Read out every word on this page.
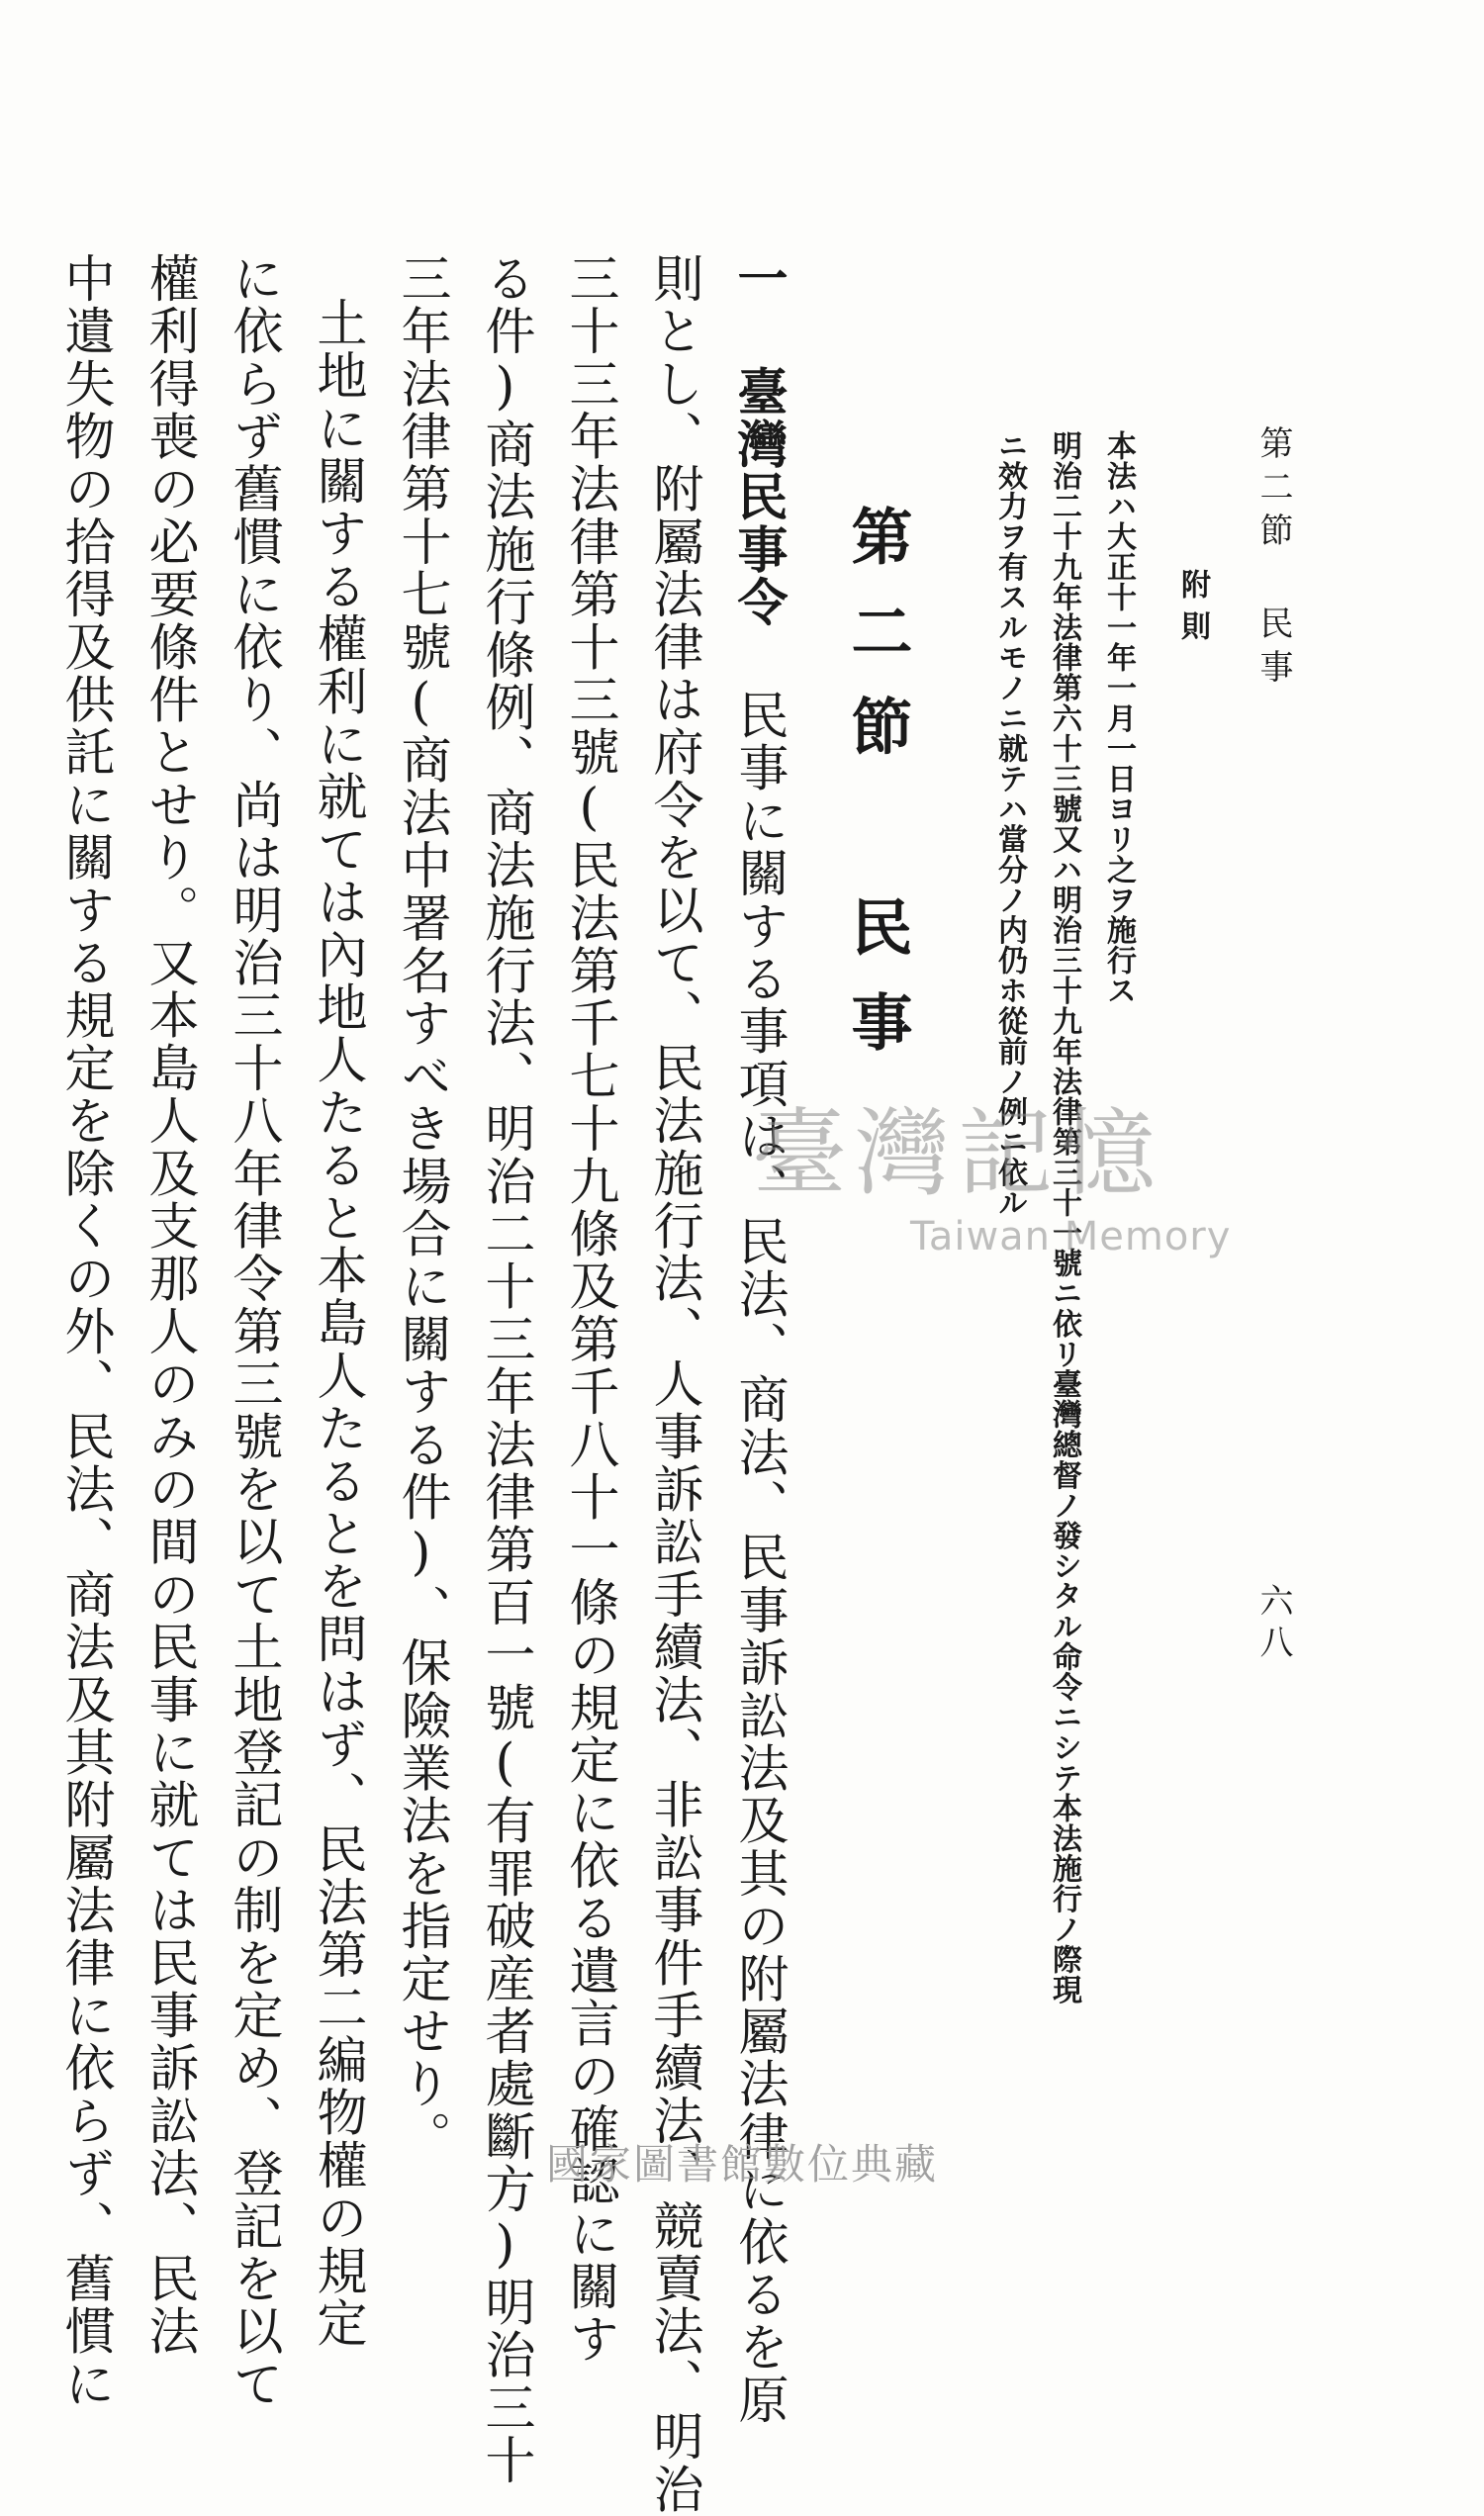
第二節 民事
六八
附則
本法ハ大正十一年一月一日ヨリ之ヲ施行ス
明治二十九年法律第六十三號又ハ明治三十九年法律第三十一號ニ依リ臺灣總督ノ發シタル命令ニシテ本法施行ノ際現
ニ效力ヲ有スルモノニ就テハ當分ノ内仍ホ從前ノ例ニ依ル
第二節 民事
一 臺灣民事令 民事に關する事項は、民法、商法、民事訴訟法及其の附屬法律に依るを原
則とし、附屬法律は府令を以て、民法施行法、人事訴訟手續法、非訟事件手續法、競賣法、明治
三十三年法律第十三號(民法第千七十九條及第千八十一條の規定に依る遺言の確認に關す
る件)商法施行條例、商法施行法、明治二十三年法律第百一號(有罪破産者處斷方)明治三十
三年法律第十七號(商法中署名すべき場合に關する件)、保險業法を指定せり。
土地に關する權利に就ては內地人たると本島人たるとを問はず、民法第二編物權の規定
に依らず舊慣に依り、尚は明治三十八年律令第三號を以て土地登記の制を定め、登記を以て
權利得喪の必要條件とせり。又本島人及支那人のみの間の民事に就ては民事訴訟法、民法
中遺失物の拾得及供託に關する規定を除くの外、民法、商法及其附屬法律に依らず、舊慣に	臺灣記憶
Taiwan Memory
國家圖書館數位典藏
